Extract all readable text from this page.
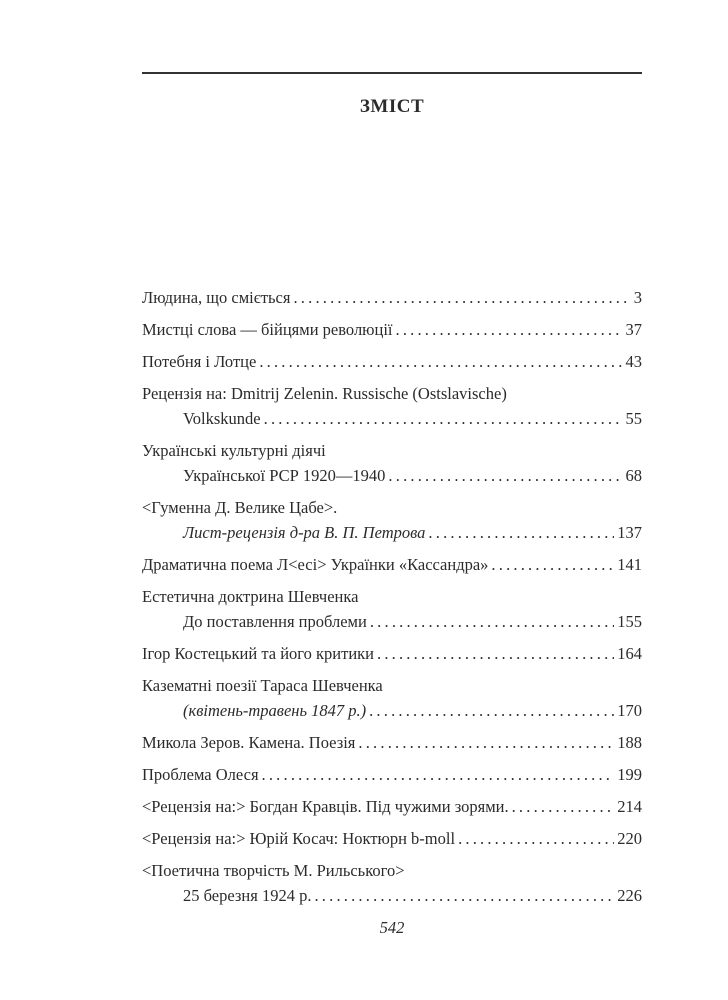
ЗМІСТ
Людина, що сміється .....	3
Мистці слова — бійцями революції .....	37
Потебня і Лотце .....	43
Рецензія на: Dmitrij Zelenin. Russische (Ostslavische)
Volkskunde .....	55
Українські культурні діячі
Української РСР 1920—1940 .....	68
<Гуменна Д. Велике Цабе>.
Лист-рецензія д-ра В. П. Петрова .....	137
Драматична поема Л<есі> Українки «Кассандра» .....	141
Естетична доктрина Шевченка
До поставлення проблеми .....	155
Ігор Костецький та його критики .....	164
Казематні поезії Тараса Шевченка
(квітень-травень 1847 р.) .....	170
Микола Зеров. Камена. Поезія .....	188
Проблема Олеся .....	199
<Рецензія на:> Богдан Кравців. Під чужими зорями. .....	214
<Рецензія на:> Юрій Косач: Ноктюрн b-moll .....	220
<Поетична творчість М. Рильського>
25 березня 1924 р. .....	226
542
